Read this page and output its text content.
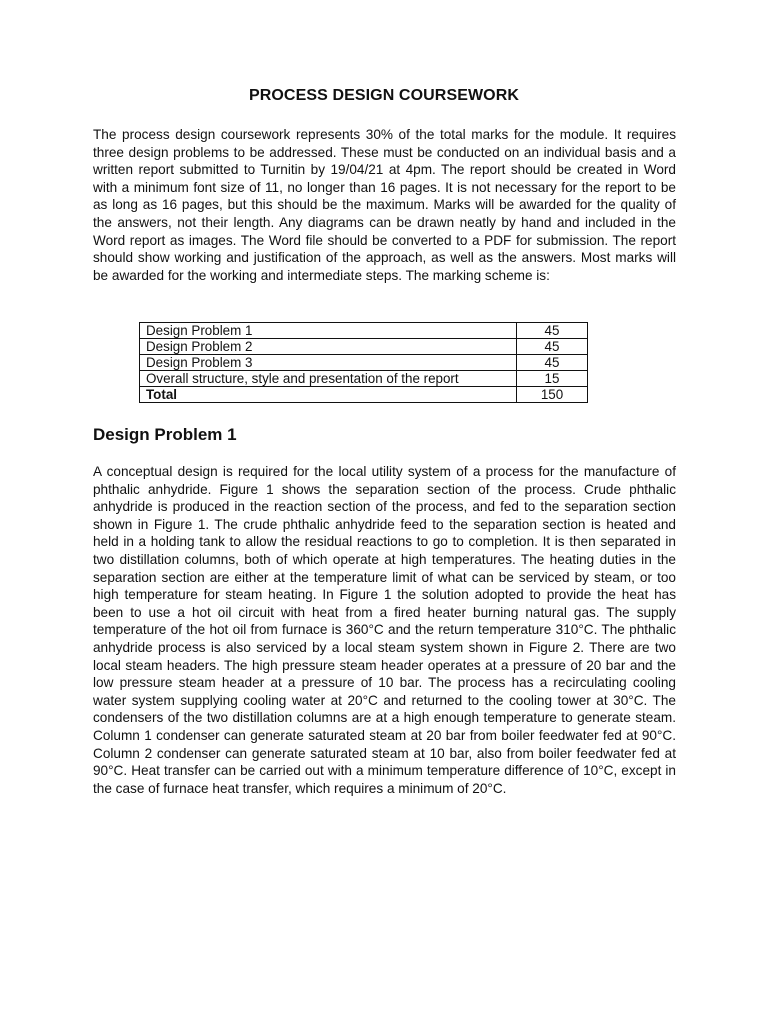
PROCESS DESIGN COURSEWORK
The process design coursework represents 30% of the total marks for the module. It requires three design problems to be addressed. These must be conducted on an individual basis and a written report submitted to Turnitin by 19/04/21 at 4pm. The report should be created in Word with a minimum font size of 11, no longer than 16 pages. It is not necessary for the report to be as long as 16 pages, but this should be the maximum. Marks will be awarded for the quality of the answers, not their length. Any diagrams can be drawn neatly by hand and included in the Word report as images. The Word file should be converted to a PDF for submission. The report should show working and justification of the approach, as well as the answers. Most marks will be awarded for the working and intermediate steps. The marking scheme is:
Design Problem 1	45
Design Problem 2	45
Design Problem 3	45
Overall structure, style and presentation of the report	15
Total	150
Design Problem 1
A conceptual design is required for the local utility system of a process for the manufacture of phthalic anhydride. Figure 1 shows the separation section of the process. Crude phthalic anhydride is produced in the reaction section of the process, and fed to the separation section shown in Figure 1. The crude phthalic anhydride feed to the separation section is heated and held in a holding tank to allow the residual reactions to go to completion. It is then separated in two distillation columns, both of which operate at high temperatures. The heating duties in the separation section are either at the temperature limit of what can be serviced by steam, or too high temperature for steam heating. In Figure 1 the solution adopted to provide the heat has been to use a hot oil circuit with heat from a fired heater burning natural gas. The supply temperature of the hot oil from furnace is 360°C and the return temperature 310°C. The phthalic anhydride process is also serviced by a local steam system shown in Figure 2. There are two local steam headers. The high pressure steam header operates at a pressure of 20 bar and the low pressure steam header at a pressure of 10 bar. The process has a recirculating cooling water system supplying cooling water at 20°C and returned to the cooling tower at 30°C. The condensers of the two distillation columns are at a high enough temperature to generate steam. Column 1 condenser can generate saturated steam at 20 bar from boiler feedwater fed at 90°C. Column 2 condenser can generate saturated steam at 10 bar, also from boiler feedwater fed at 90°C. Heat transfer can be carried out with a minimum temperature difference of 10°C, except in the case of furnace heat transfer, which requires a minimum of 20°C.
